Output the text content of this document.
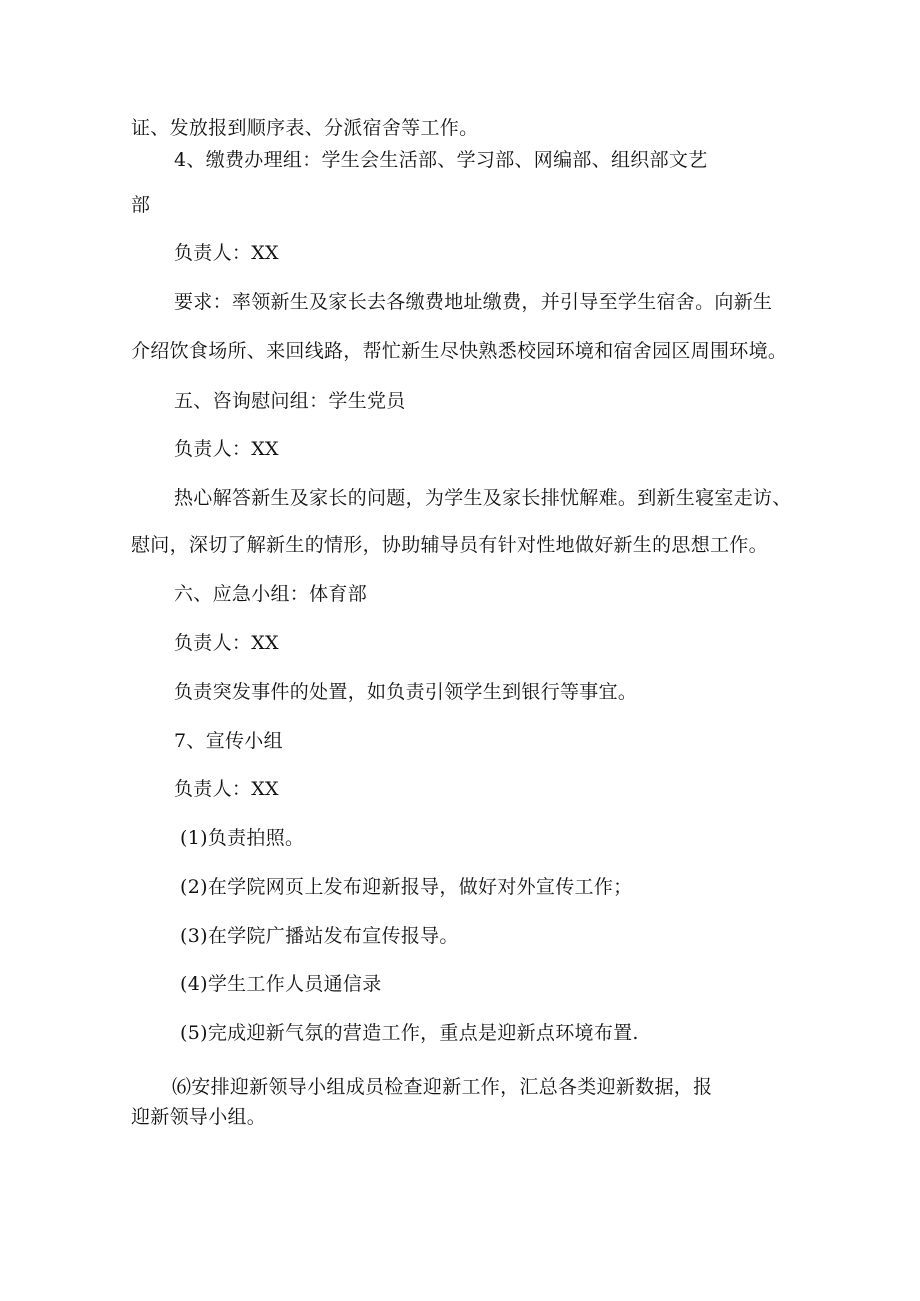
证、发放报到顺序表、分派宿舍等工作。
4、缴费办理组：学生会生活部、学习部、网编部、组织部文艺
部
负责人：XX
要求：率领新生及家长去各缴费地址缴费，并引导至学生宿舍。向新生
介绍饮食场所、来回线路，帮忙新生尽快熟悉校园环境和宿舍园区周围环境。
五、咨询慰问组：学生党员
负责人：XX
热心解答新生及家长的问题，为学生及家长排忧解难。到新生寝室走访、
慰问，深切了解新生的情形，协助辅导员有针对性地做好新生的思想工作。
六、应急小组：体育部
负责人：XX
负责突发事件的处置，如负责引领学生到银行等事宜。
7、宣传小组
负责人：XX
(1)负责拍照。
(2)在学院网页上发布迎新报导，做好对外宣传工作；
(3)在学院广播站发布宣传报导。
(4)学生工作人员通信录
(5)完成迎新气氛的营造工作，重点是迎新点环境布置.
⑹安排迎新领导小组成员检查迎新工作，汇总各类迎新数据，报
迎新领导小组。
